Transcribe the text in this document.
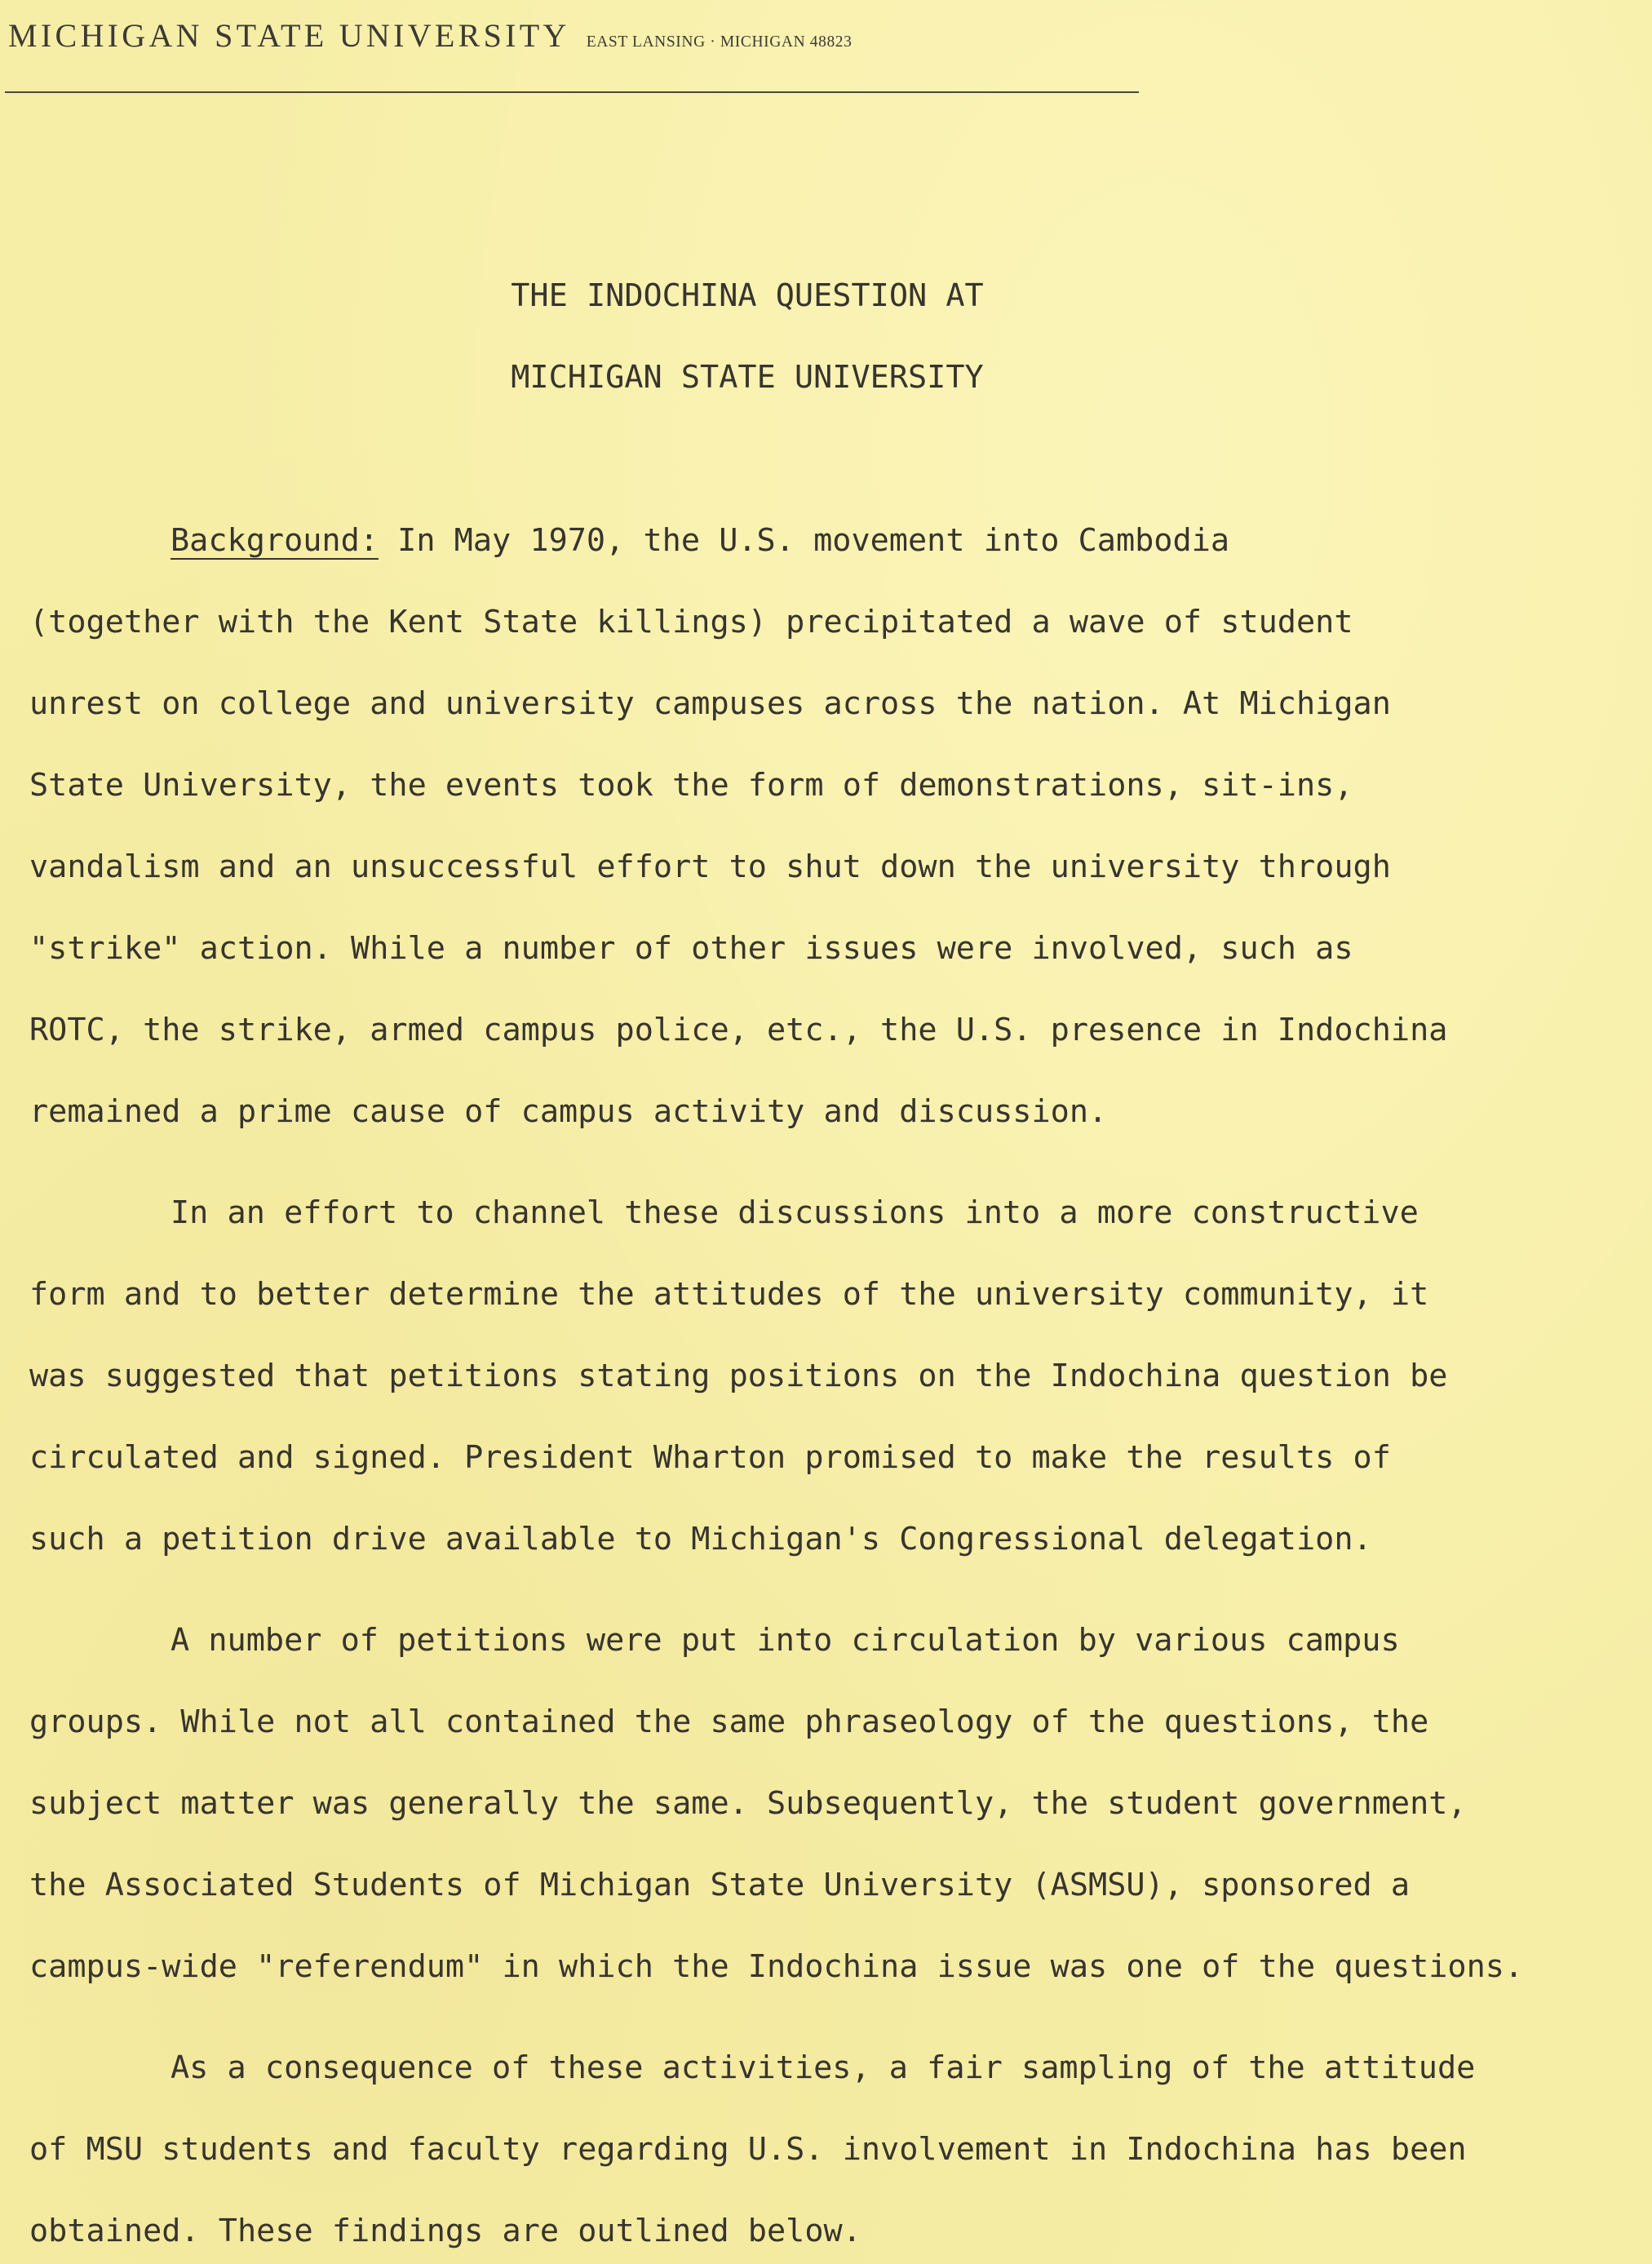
MICHIGAN STATE UNIVERSITY EAST LANSING · MICHIGAN 48823
THE INDOCHINA QUESTION AT
MICHIGAN STATE UNIVERSITY
Background: In May 1970, the U.S. movement into Cambodia
(together with the Kent State killings) precipitated a wave of student
unrest on college and university campuses across the nation. At Michigan
State University, the events took the form of demonstrations, sit-ins,
vandalism and an unsuccessful effort to shut down the university through
"strike" action. While a number of other issues were involved, such as
ROTC, the strike, armed campus police, etc., the U.S. presence in Indochina
remained a prime cause of campus activity and discussion.
In an effort to channel these discussions into a more constructive
form and to better determine the attitudes of the university community, it
was suggested that petitions stating positions on the Indochina question be
circulated and signed. President Wharton promised to make the results of
such a petition drive available to Michigan's Congressional delegation.
A number of petitions were put into circulation by various campus
groups. While not all contained the same phraseology of the questions, the
subject matter was generally the same. Subsequently, the student government,
the Associated Students of Michigan State University (ASMSU), sponsored a
campus-wide "referendum" in which the Indochina issue was one of the questions.
As a consequence of these activities, a fair sampling of the attitude
of MSU students and faculty regarding U.S. involvement in Indochina has been
obtained. These findings are outlined below.
